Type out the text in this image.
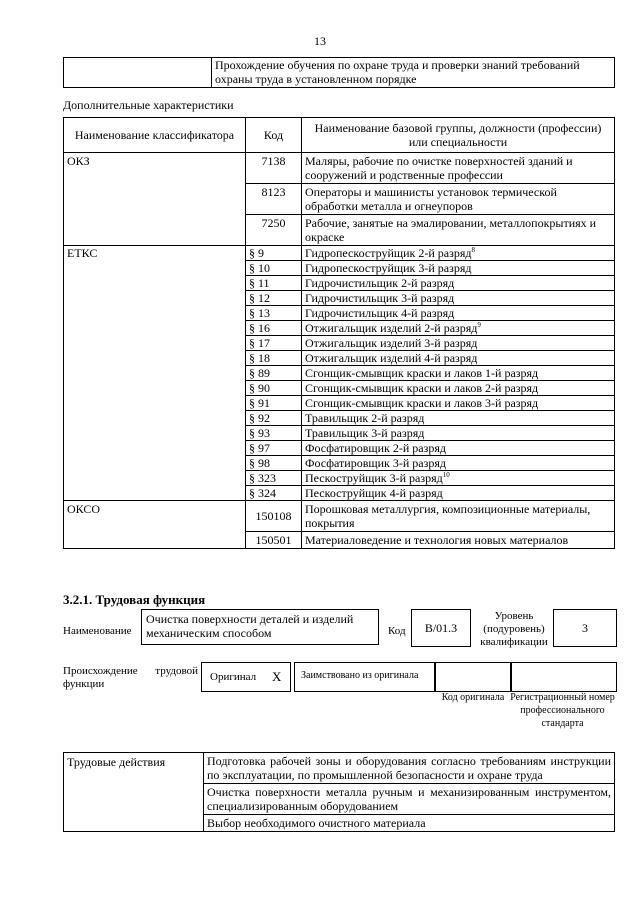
13
	Прохождение обучения по охране труда и проверки знаний требований охраны труда в установленном порядке
Дополнительные характеристики
Наименование классификатора	Код	Наименование базовой группы, должности (профессии) или специальности
ОКЗ	7138	Маляры, рабочие по очистке поверхностей зданий и сооружений и родственные профессии
	8123	Операторы и машинисты установок термической обработки металла и огнеупоров
	7250	Рабочие, занятые на эмалировании, металлопокрытиях и окраске
ЕТКС	§ 9	Гидропескоструйщик 2-й разряд$^8$
	§ 10	Гидропескоструйщик 3-й разряд
	§ 11	Гидрочистильщик 2-й разряд
	§ 12	Гидрочистильщик 3-й разряд
	§ 13	Гидрочистильщик 4-й разряд
	§ 16	Отжигальщик изделий 2-й разряд$^9$
	§ 17	Отжигальщик изделий 3-й разряд
	§ 18	Отжигальщик изделий 4-й разряд
	§ 89	Сгонщик-смывщик краски и лаков 1-й разряд
	§ 90	Сгонщик-смывщик краски и лаков 2-й разряд
	§ 91	Сгонщик-смывщик краски и лаков 3-й разряд
	§ 92	Травильщик 2-й разряд
	§ 93	Травильщик 3-й разряд
	§ 97	Фосфатировщик 2-й разряд
	§ 98	Фосфатировщик 3-й разряд
	§ 323	Пескоструйщик 3-й разряд$^{10}$
	§ 324	Пескоструйщик 4-й разряд
ОКСО	150108	Порошковая металлургия, композиционные материалы, покрытия
	150501	Материаловедение и технология новых материалов
3.2.1. Трудовая функция
Наименование
Очистка поверхности деталей и изделий механическим способом	Код	B/01.3
Уровень (подуровень) квалификации
3
Происхождение трудовой функции
Оригинал X Заимствовано из оригинала
Код оригинала Регистрационный номер профессионального стандарта
Трудовые действия	Подготовка рабочей зоны и оборудования согласно требованиям инструкции по эксплуатации, по промышленной безопасности и охране труда
Очистка поверхности металла ручным и механизированным инструментом, специализированным оборудованием
Выбор необходимого очистного материала
